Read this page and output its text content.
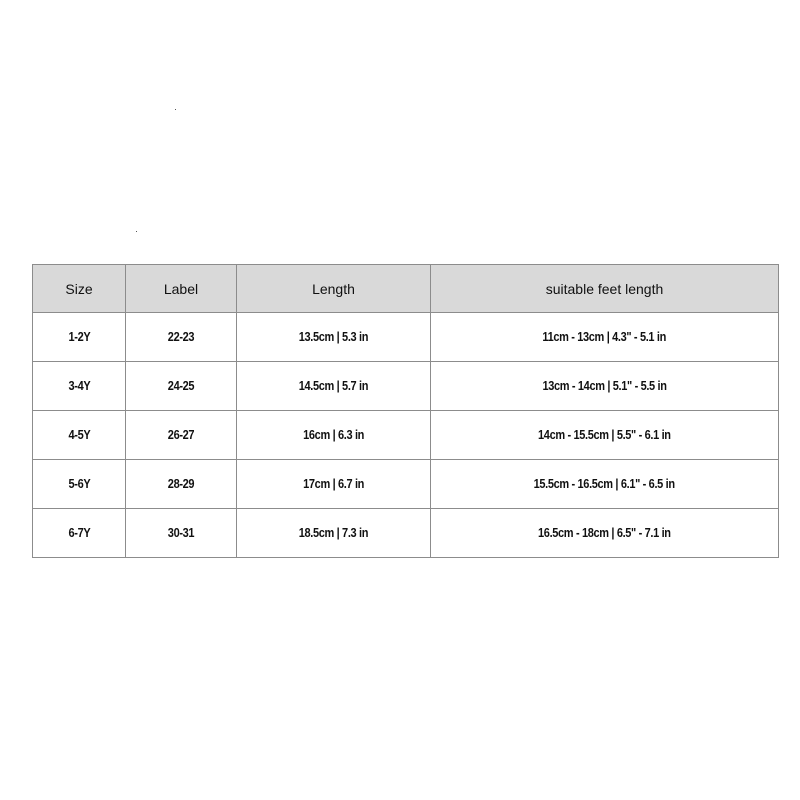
Size	Label	Length	suitable feet length
1-2Y	22-23	13.5cm | 5.3 in	11cm - 13cm | 4.3" - 5.1 in
3-4Y	24-25	14.5cm | 5.7 in	13cm - 14cm | 5.1" - 5.5 in
4-5Y	26-27	16cm | 6.3 in	14cm - 15.5cm | 5.5" - 6.1 in
5-6Y	28-29	17cm | 6.7 in	15.5cm - 16.5cm | 6.1" - 6.5 in
6-7Y	30-31	18.5cm | 7.3 in	16.5cm - 18cm | 6.5" - 7.1 in
